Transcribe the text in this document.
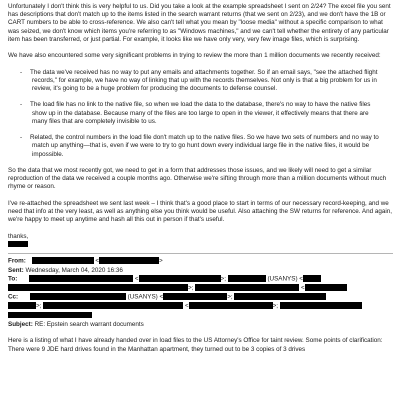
Unfortunately I don't think this is very helpful to us. Did you take a look at the example spreadsheet I sent on 2/24? The excel file you sent has descriptions that don't match up to the items listed in the search warrant returns (that we sent on 2/23), and we don't have the 1B or CART numbers to be able to cross-reference. We also can't tell what you mean by "loose media" without a specific comparison to what was seized, we don't know which items you're referring to as "Windows machines," and we can't tell whether the entirety of any particular item has been transferred, or just partial. For example, it looks like we have only very, very few image files, which is surprising.

We have also encountered some very significant problems in trying to review the more than 1 million documents we recently received:

- The data we've received has no way to put any emails and attachments together. So if an email says, "see the attached flight records," for example, we have no way of linking that up with the records themselves. Not only is that a big problem for us in review, it's going to be a huge problem for producing the documents to defense counsel.

- The load file has no link to the native file, so when we load the data to the database, there's no way to have the native files show up in the database. Because many of the files are too large to open in the viewer, it effectively means that there are many files that are completely invisible to us.

- Related, the control numbers in the load file don't match up to the native files. So we have two sets of numbers and no way to match up anything—that is, even if we were to try to go hunt down every individual large file in the native files, it would be impossible.

So the data that we most recently got, we need to get in a form that addresses those issues, and we likely will need to get a similar reproduction of the data we received a couple months ago. Otherwise we're sifting through more than a million documents without much rhyme or reason.

I've re-attached the spreadsheet we sent last week – I think that's a good place to start in terms of our necessary record-keeping, and we need that info at the very least, as well as anything else you think would be useful. Also attaching the SW returns for reference. And again, we're happy to meet up anytime and hash all this out in person if that's useful.

thanks,

From:	<	>
Sent: Wednesday, March 04, 2020 16:36
To:	<	>;	(USANYS) <
>;	<
Cc:	(USANYS) <	>;
>;	<	>;
Subject: RE: Epstein search warrant documents

Here is a listing of what I have already handed over in load files to the US Attorney's Office for taint review. Some points of clarification: There were 9 JDE hard drives found in the Manhattan apartment, they turned out to be 3 copies of 3 drives
